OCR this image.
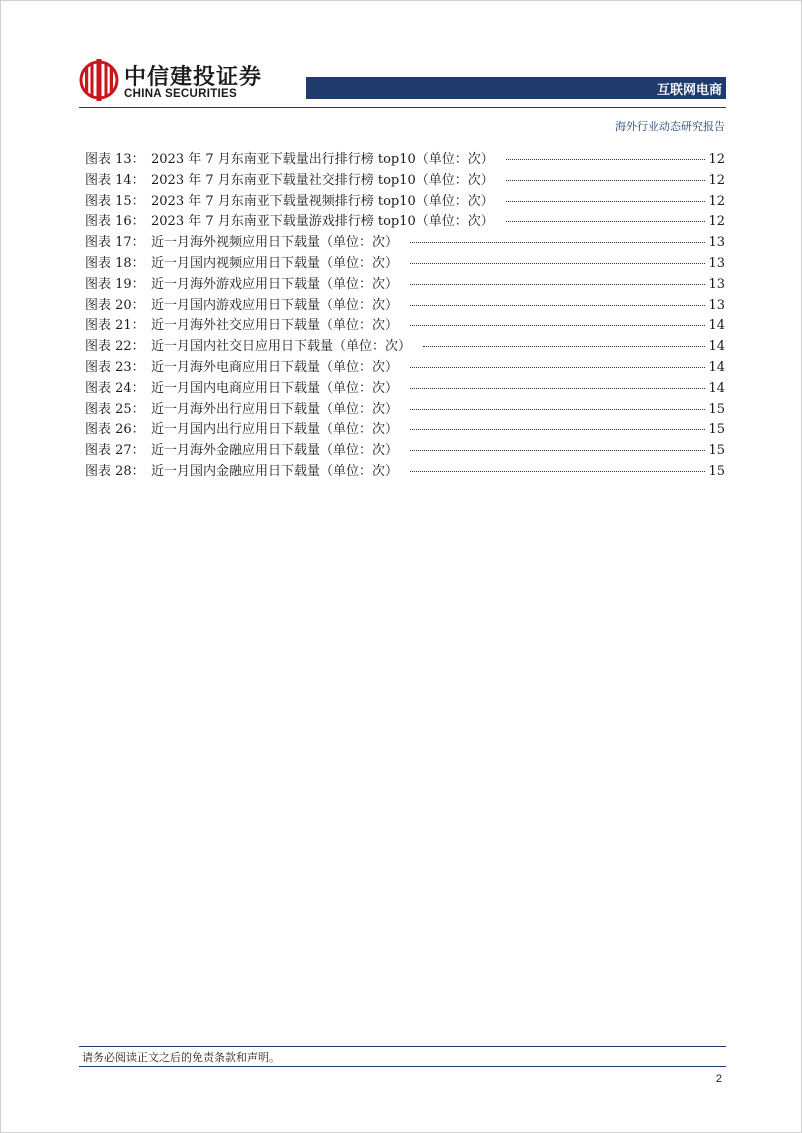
中信建投证券
CHINA SECURITIES	互联网电商
海外行业动态研究报告
图表 13： 2023 年 7 月东南亚下载量出行排行榜 top10（单位：次）	12
图表 14： 2023 年 7 月东南亚下载量社交排行榜 top10（单位：次）	12
图表 15： 2023 年 7 月东南亚下载量视频排行榜 top10（单位：次）	12
图表 16： 2023 年 7 月东南亚下载量游戏排行榜 top10（单位：次）	12
图表 17： 近一月海外视频应用日下载量（单位：次）	13
图表 18： 近一月国内视频应用日下载量（单位：次）	13
图表 19： 近一月海外游戏应用日下载量（单位：次）	13
图表 20： 近一月国内游戏应用日下载量（单位：次）	13
图表 21： 近一月海外社交应用日下载量（单位：次）	14
图表 22： 近一月国内社交日应用日下载量（单位：次）	14
图表 23： 近一月海外电商应用日下载量（单位：次）	14
图表 24： 近一月国内电商应用日下载量（单位：次）	14
图表 25： 近一月海外出行应用日下载量（单位：次）	15
图表 26： 近一月国内出行应用日下载量（单位：次）	15
图表 27： 近一月海外金融应用日下载量（单位：次）	15
图表 28： 近一月国内金融应用日下载量（单位：次）	15
请务必阅读正文之后的免责条款和声明。
2
